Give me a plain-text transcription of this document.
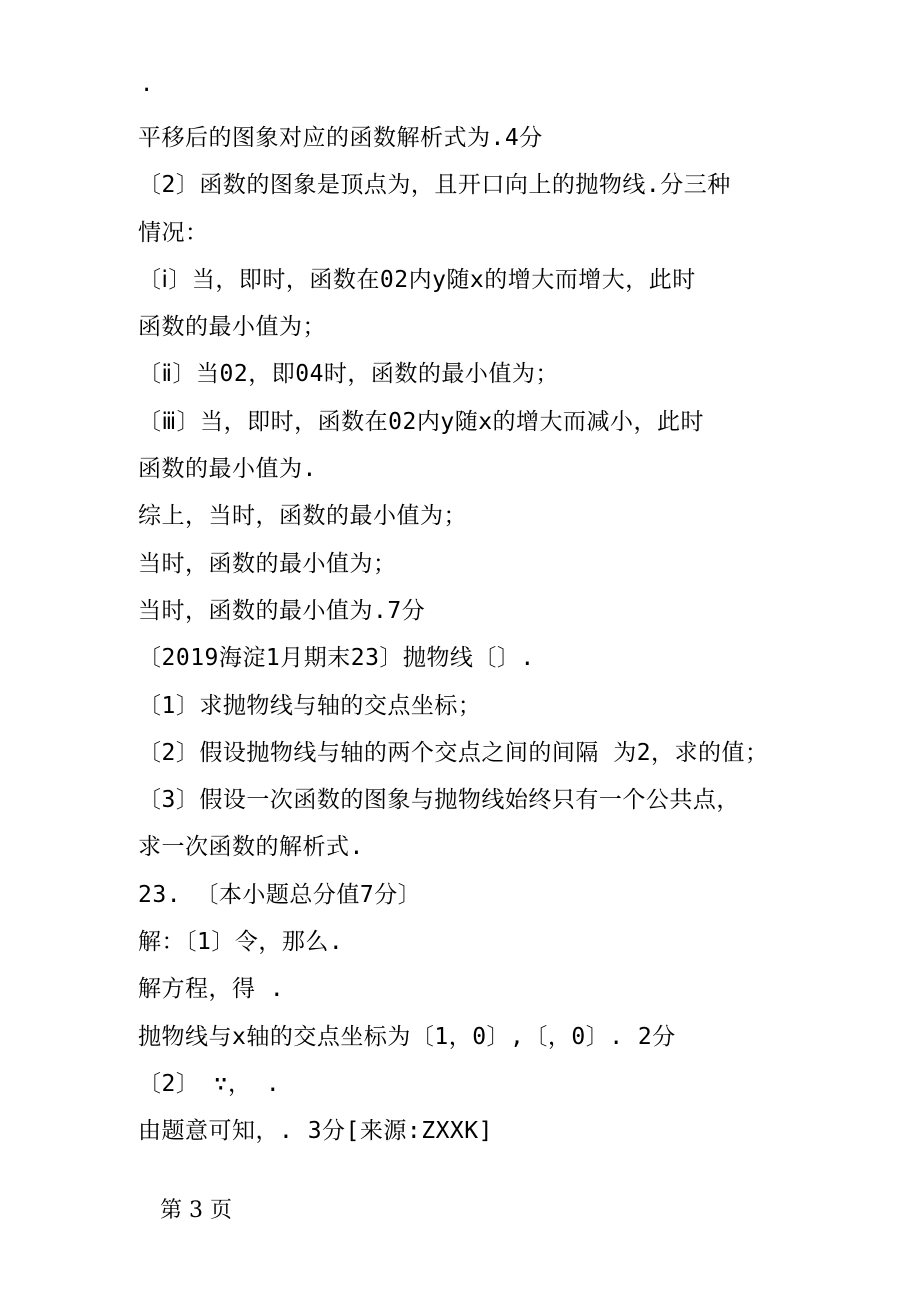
.
平移后的图象对应的函数解析式为.4分
〔2〕函数的图象是顶点为，且开口向上的抛物线.分三种
情况：
〔ⅰ〕当，即时，函数在02内y随x的增大而增大，此时
函数的最小值为；
〔ⅱ〕当02，即04时，函数的最小值为；
〔ⅲ〕当，即时，函数在02内y随x的增大而减小，此时
函数的最小值为.
综上，当时，函数的最小值为；
当时，函数的最小值为；
当时，函数的最小值为.7分
〔2019海淀1月期末23〕抛物线〔〕.
〔1〕求抛物线与轴的交点坐标；
〔2〕假设抛物线与轴的两个交点之间的间隔 为2，求的值；
〔3〕假设一次函数的图象与抛物线始终只有一个公共点，
求一次函数的解析式.
23. 〔本小题总分值7分〕
解：〔1〕令，那么.
解方程，得 .
抛物线与x轴的交点坐标为〔1，0〕,〔，0〕. 2分
〔2〕 ∵， .
由题意可知，. 3分[来源:ZXXK]
第 3 页
